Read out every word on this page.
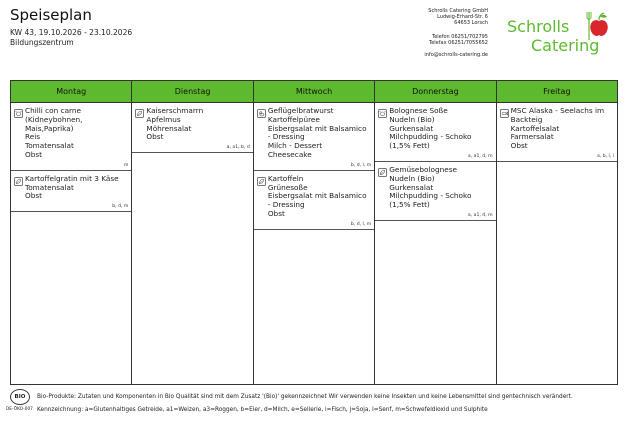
Speiseplan
KW 43, 19.10.2026 - 23.10.2026
Bildungszentrum
Schrolls Catering GmbH
Ludwig-Erhard-Str. 6
64653 Lorsch
Telefon 06251/702795
Telefax 06251/7055652
info@schrolls-catering.de
Schrolls
Catering
Montag
Chilli con carne
(Kidneybohnen,
Mais,Paprika)
Reis
Tomatensalat
Obst
m
Kartoffelgratin mit 3 Käse
Tomatensalat
Obst
b, d, m
Dienstag
Kaiserschmarrn
Apfelmus
Möhrensalat
Obst
a, a1, b, d
Mittwoch
Geflügelbratwurst
Kartoffelpüree
Eisbergsalat mit Balsamico
- Dressing
Milch - Dessert
Cheesecake
b, d, l, m
Kartoffeln
Grünesoße
Eisbergsalat mit Balsamico
- Dressing
Obst
b, d, l, m
Donnerstag
Bolognese Soße
Nudeln (Bio)
Gurkensalat
Milchpudding - Schoko
(1,5% Fett)
a, a1, d, m
Gemüsebolognese
Nudeln (Bio)
Gurkensalat
Milchpudding - Schoko
(1,5% Fett)
a, a1, d, m
Freitag
MSC Alaska - Seelachs im
Backteig
Kartoffelsalat
Farmersalat
Obst
a, b, l, i
BIO
DE-ÖKO-007
Bio-Produkte: Zutaten und Komponenten in Bio Qualität sind mit dem Zusatz '(Bio)' gekennzeichnet Wir verwenden keine Insekten und keine Lebensmittel sind gentechnisch verändert.
Kennzeichnung: a=Glutenhaltiges Getreide, a1=Weizen, a3=Roggen, b=Eier, d=Milch, e=Sellerie, i=Fisch, j=Soja, l=Senf, m=Schwefeldioxid und Sulphite
